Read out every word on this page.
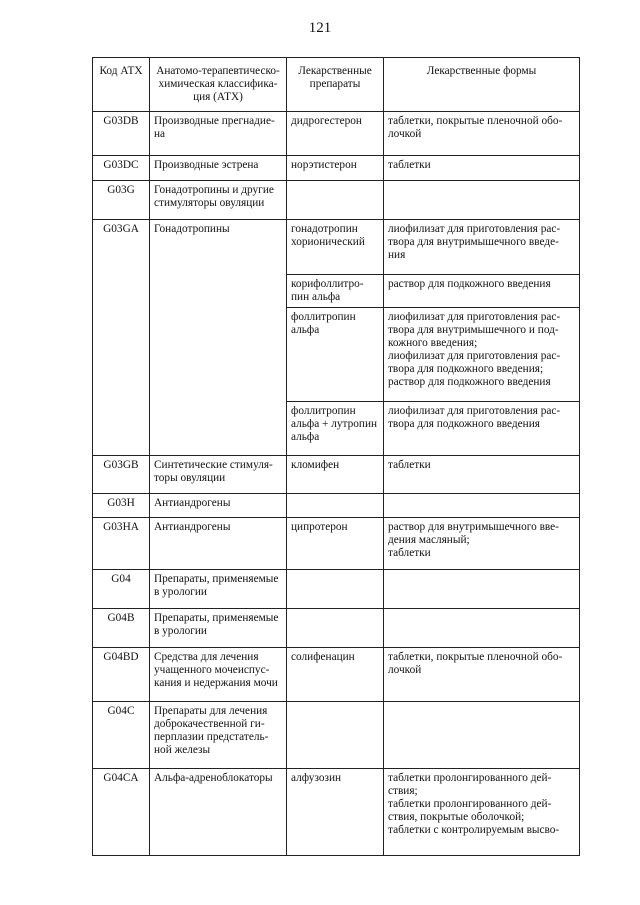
121
Код АТХ	Анатомо-терапевтическо-химическая классифика-ция (АТХ)	Лекарственные препараты	Лекарственные формы
G03DB	Производные прегнадие-на	дидрогестерон	таблетки, покрытые пленочной обо-лочкой

G03DC	Производные эстрена	норэтистерон	таблетки

G03G	Гонадотропины и другие стимуляторы овуляции		
G03GA	Гонадотропины	гонадотропин хорионический	лиофилизат для приготовления рас-твора для внутримышечного введе-ния

		корифоллитро-пин альфа	раствор для подкожного введения

		фоллитропин альфа	лиофилизат для приготовления рас-твора для внутримышечного и под-кожного введения;
лиофилизат для приготовления рас-твора для подкожного введения;
раствор для подкожного введения

		фоллитропин альфа + лутропин альфа	лиофилизат для приготовления рас-твора для подкожного введения

G03GB	Синтетические стимуля-торы овуляции	кломифен	таблетки

G03H	Антиандрогены		
G03HA	Антиандрогены	ципротерон	раствор для внутримышечного вве-дения масляный;
таблетки

G04	Препараты, применяемые в урологии		
G04B	Препараты, применяемые в урологии		
G04BD	Средства для лечения учащенного мочеиспус-кания и недержания мочи	солифенацин	таблетки, покрытые пленочной обо-лочкой

G04C	Препараты для лечения доброкачественной ги-перплазии предстатель-ной железы		
G04CA	Альфа-адреноблокаторы	алфузозин	таблетки пролонгированного дей-ствия;
таблетки пролонгированного дей-ствия, покрытые оболочкой;
таблетки с контролируемым высво-
